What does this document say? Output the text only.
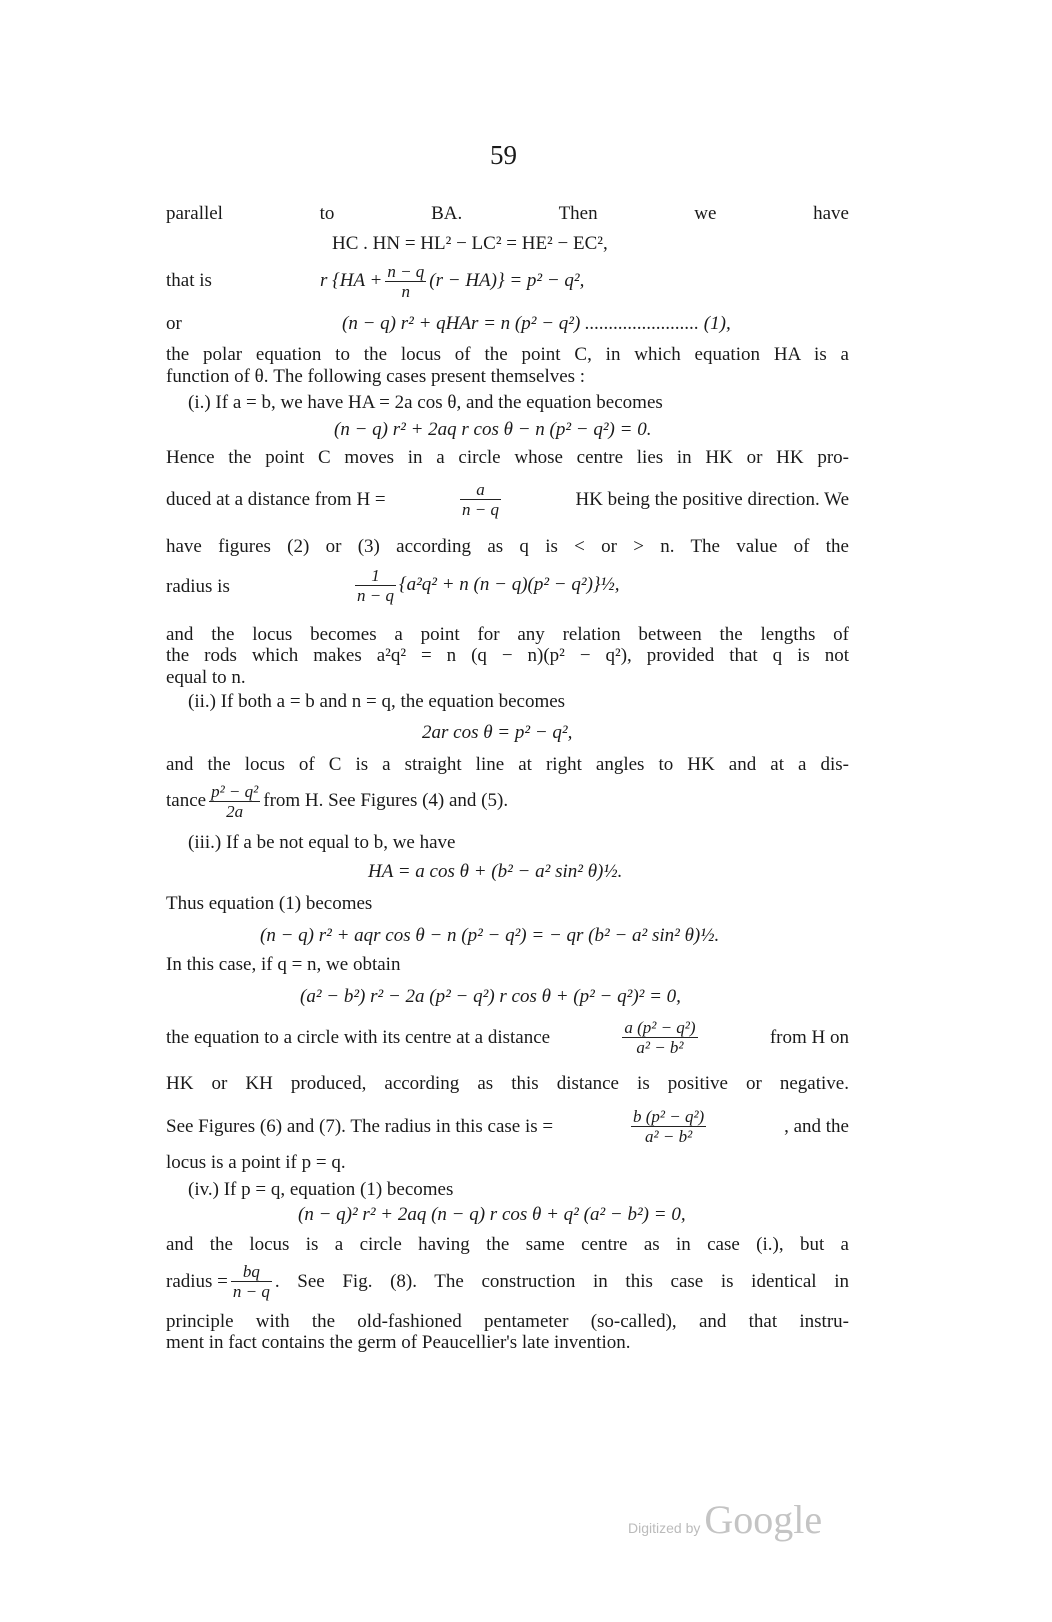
59
parallel to BA. Then we have
HC . HN = HL² − LC² = HE² − EC²,
that is	r $\{HA + \frac{n - q}{n} (r - HA)\} = p^2 - q^2$,
or	(n − q) r² + qHAr = n (p² − q²) ........................ (1),
the polar equation to the locus of the point C, in which equation HA is a
function of θ. The following cases present themselves :
(i.) If a = b, we have HA = 2a cos θ, and the equation becomes
(n − q) r² + 2aq r cos θ − n (p² − q²) = 0.
Hence the point C moves in a circle whose centre lies in HK or HK pro-
duced at a distance from H =	$\frac{a}{n - q}$	HK being the positive direction. We
have figures (2) or (3) according as q is < or > n. The value of the
radius is	$\frac{1}{n - q} \{a^2q^2 + n$ (n − q)(p² − q²)}½,
and the locus becomes a point for any relation between the lengths of
the rods which makes a²q² = n (q − n)(p² − q²), provided that q is not
equal to n.
(ii.) If both a = b and n = q, the equation becomes
2ar cos θ = p² − q²,
and the locus of C is a straight line at right angles to HK and at a dis-
tance $\frac{\text{p² − q²}}{2a}$ from H. See Figures (4) and (5).
(iii.) If a be not equal to b, we have
HA = a cos θ + (b² − a² sin² θ)½.
Thus equation (1) becomes
(n − q) r² + aqr cos θ − n (p² − q²) = − qr (b² − a² sin² θ)½.
In this case, if q = n, we obtain
(a² − b²) r² − 2a (p² − q²) r cos θ + (p² − q²)² = 0,
the equation to a circle with its centre at a distance	a (p² − q²)
a² − b²	from H on
HK or KH produced, according as this distance is positive or negative.
See Figures (6) and (7). The radius in this case is =	$\frac{\text{b (p² − q²)}}{\text{a² − b²}}$	, and the
locus is a point if p = q.
(iv.) If p = q, equation (1) becomes
(n − q)² r² + 2aq (n − q) r cos θ + q² (a² − b²) = 0,
and the locus is a circle having the same centre as in case (i.), but a
radius = $\frac{bq}{n - q}$ . See Fig. (8). The construction in this case is identical in
principle with the old-fashioned pentameter (so-called), and that instru-
ment in fact contains the germ of Peaucellier's late invention.
Digitized by Google
